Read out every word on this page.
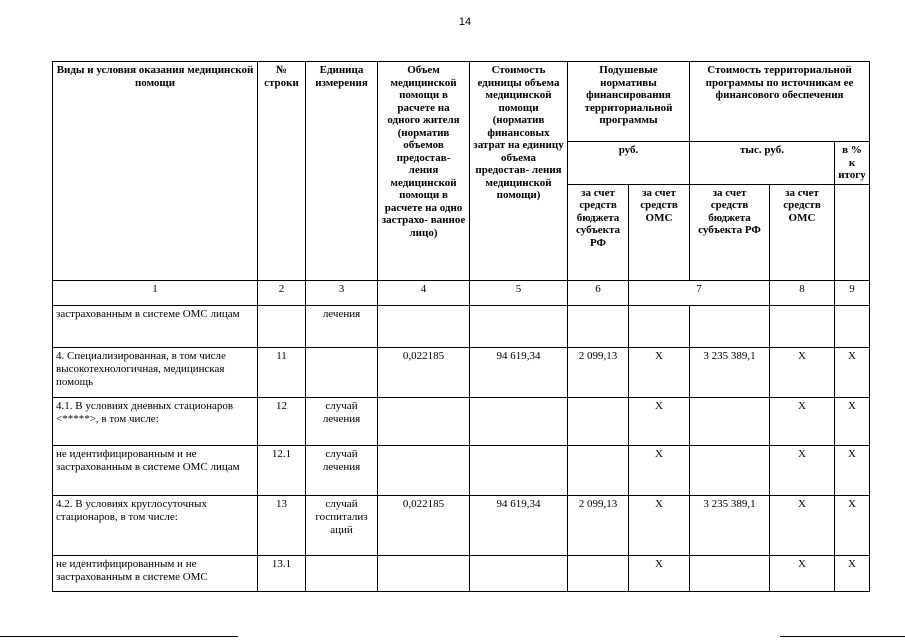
14
Виды и условия оказания медицинской помощи	№ строки	Единица измерения	Объем медицинской помощи в расчете на одного жителя (норматив объемов предостав- ления медицинской помощи в расчете на одно застрахо- ванное лицо)	Стоимость единицы объема медицинской помощи (норматив финансовых затрат на единицу объема предостав- ления медицинской помощи)	Подушевые нормативы финансирования территориальной программы		Стоимость территориальной программы по источникам ее финансового обеспечения		
					руб.		тыс. руб.		в % к итогу
					за счет средств бюджета субъекта РФ	за счет средств ОМС	за счет средств бюджета субъекта РФ	за счет средств ОМС	
1	2	3	4	5	6	7		8	9
застрахованным в системе ОМС лицам		лечения							
4. Специализированная, в том числе высокотехнологичная, медицинская помощь	11		0,022185	94 619,34	2 099,13	X	3 235 389,1	X	X
4.1. В условиях дневных стационаров <*****>, в том числе:	12	случай лечения				X		X	X
не идентифицированным и не застрахованным в системе ОМС лицам	12.1	случай лечения				X		X	X
4.2. В условиях круглосуточных стационаров, в том числе:	13	случай госпитализ аций	0,022185	94 619,34	2 099,13	X	3 235 389,1	X	X
не идентифицированным и не застрахованным в системе ОМС	13.1					X		X	X
